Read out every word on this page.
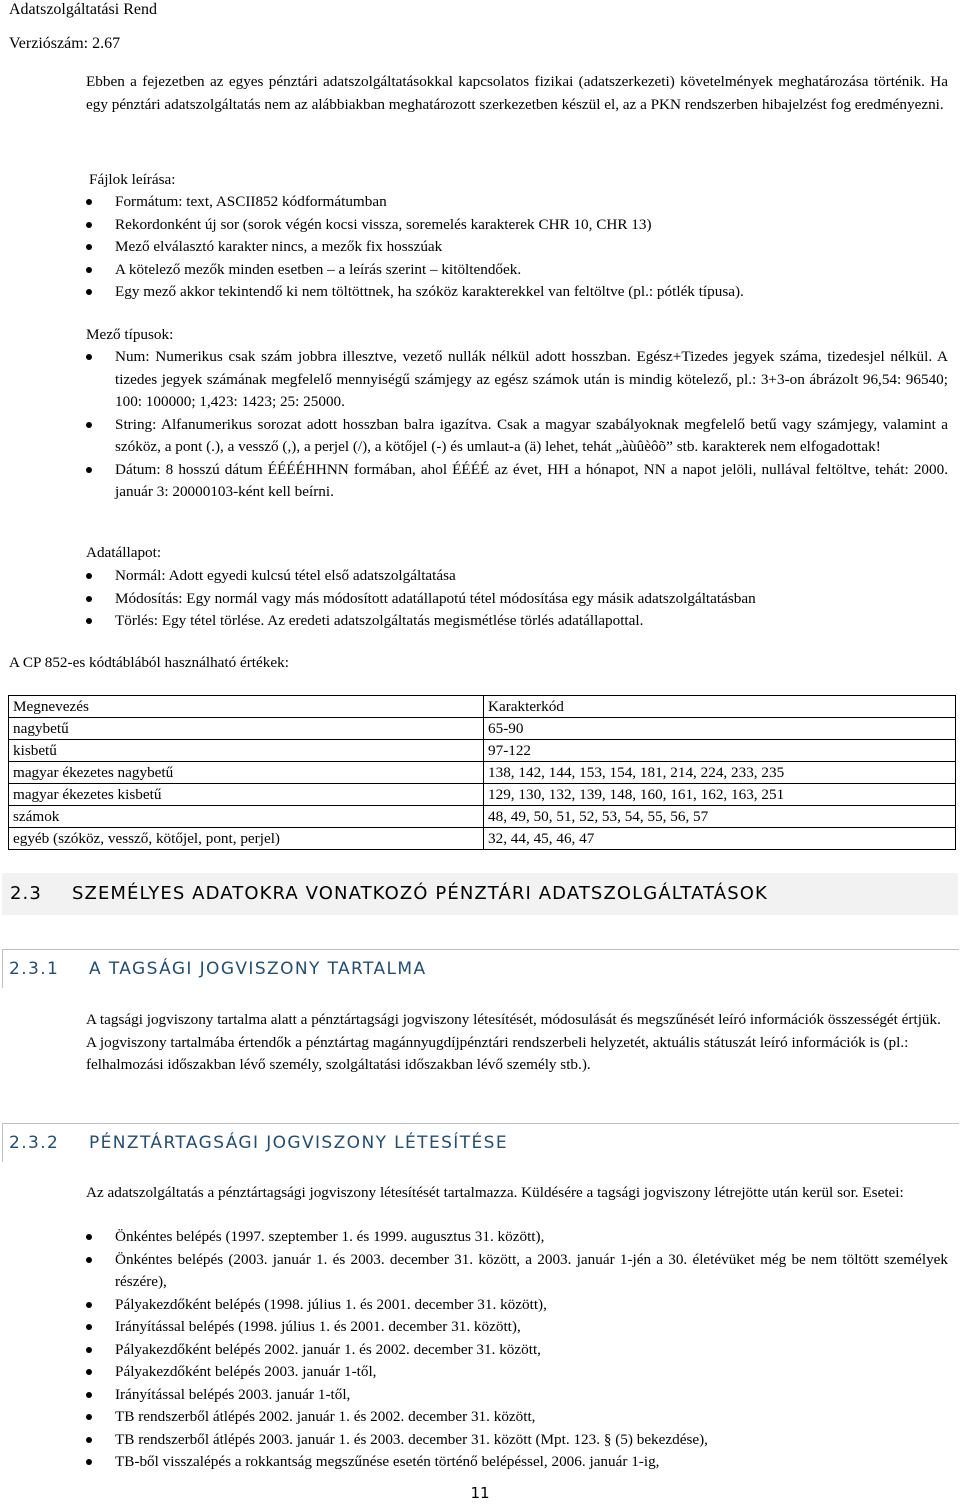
Adatszolgáltatási Rend
Verziószám: 2.67

Ebben a fejezetben az egyes pénztári adatszolgáltatásokkal kapcsolatos fizikai (adatszerkezeti) követelmények meghatározása történik. Ha egy pénztári adatszolgáltatás nem az alábbiakban meghatározott szerkezetben készül el, az a PKN rendszerben hibajelzést fog eredményezni.

Fájlok leírása:

Formátum: text, ASCII852 kódformátumban
Rekordonként új sor (sorok végén kocsi vissza, soremelés karakterek CHR 10, CHR 13)
Mező elválasztó karakter nincs, a mezők fix hosszúak
A kötelező mezők minden esetben – a leírás szerint – kitöltendőek.
Egy mező akkor tekintendő ki nem töltöttnek, ha szóköz karakterekkel van feltöltve (pl.: pótlék típusa).

Mező típusok:

Num: Numerikus csak szám jobbra illesztve, vezető nullák nélkül adott hosszban. Egész+Tizedes jegyek száma, tizedesjel nélkül. A tizedes jegyek számának megfelelő mennyiségű számjegy az egész számok után is mindig kötelező, pl.: 3+3-on ábrázolt 96,54: 96540; 100: 100000; 1,423: 1423; 25: 25000.
String: Alfanumerikus sorozat adott hosszban balra igazítva. Csak a magyar szabályoknak megfelelő betű vagy számjegy, valamint a szóköz, a pont (.), a vessző (,), a perjel (/), a kötőjel (-) és umlaut-a (ä) lehet, tehát „àùûèôõ” stb. karakterek nem elfogadottak!
Dátum: 8 hosszú dátum ÉÉÉÉHHNN formában, ahol ÉÉÉÉ az évet, HH a hónapot, NN a napot jelöli, nullával feltöltve, tehát: 2000. január 3: 20000103-ként kell beírni.

Adatállapot:

Normál: Adott egyedi kulcsú tétel első adatszolgáltatása
Módosítás: Egy normál vagy más módosított adatállapotú tétel módosítása egy másik adatszolgáltatásban
Törlés: Egy tétel törlése. Az eredeti adatszolgáltatás megismétlése törlés adatállapottal.

A CP 852-es kódtáblából használható értékek:

Megnevezés	Karakterkód
nagybetű	65-90
kisbetű	97-122
magyar ékezetes nagybetű	138, 142, 144, 153, 154, 181, 214, 224, 233, 235
magyar ékezetes kisbetű	129, 130, 132, 139, 148, 160, 161, 162, 163, 251
számok	48, 49, 50, 51, 52, 53, 54, 55, 56, 57
egyéb (szóköz, vessző, kötőjel, pont, perjel)	32, 44, 45, 46, 47
2.3 SZEMÉLYES ADATOKRA VONATKOZÓ PÉNZTÁRI ADATSZOLGÁLTATÁSOK
2.3.1 A TAGSÁGI JOGVISZONY TARTALMA

A tagsági jogviszony tartalma alatt a pénztártagsági jogviszony létesítését, módosulását és megszűnését leíró információk összességét értjük. A jogviszony tartalmába értendők a pénztártag magánnyugdíjpénztári rendszerbeli helyzetét, aktuális státuszát leíró információk is (pl.: felhalmozási időszakban lévő személy, szolgáltatási időszakban lévő személy stb.).

2.3.2 PÉNZTÁRTAGSÁGI JOGVISZONY LÉTESÍTÉSE

Az adatszolgáltatás a pénztártagsági jogviszony létesítését tartalmazza. Küldésére a tagsági jogviszony létrejötte után kerül sor. Esetei:

Önkéntes belépés (1997. szeptember 1. és 1999. augusztus 31. között),
Önkéntes belépés (2003. január 1. és 2003. december 31. között, a 2003. január 1-jén a 30. életévüket még be nem töltött személyek részére),
Pályakezdőként belépés (1998. július 1. és 2001. december 31. között),
Irányítással belépés (1998. július 1. és 2001. december 31. között),
Pályakezdőként belépés 2002. január 1. és 2002. december 31. között,
Pályakezdőként belépés 2003. január 1-től,
Irányítással belépés 2003. január 1-től,
TB rendszerből átlépés 2002. január 1. és 2002. december 31. között,
TB rendszerből átlépés 2003. január 1. és 2003. december 31. között (Mpt. 123. § (5) bekezdése),
TB-ből visszalépés a rokkantság megszűnése esetén történő belépéssel, 2006. január 1-ig,
11
